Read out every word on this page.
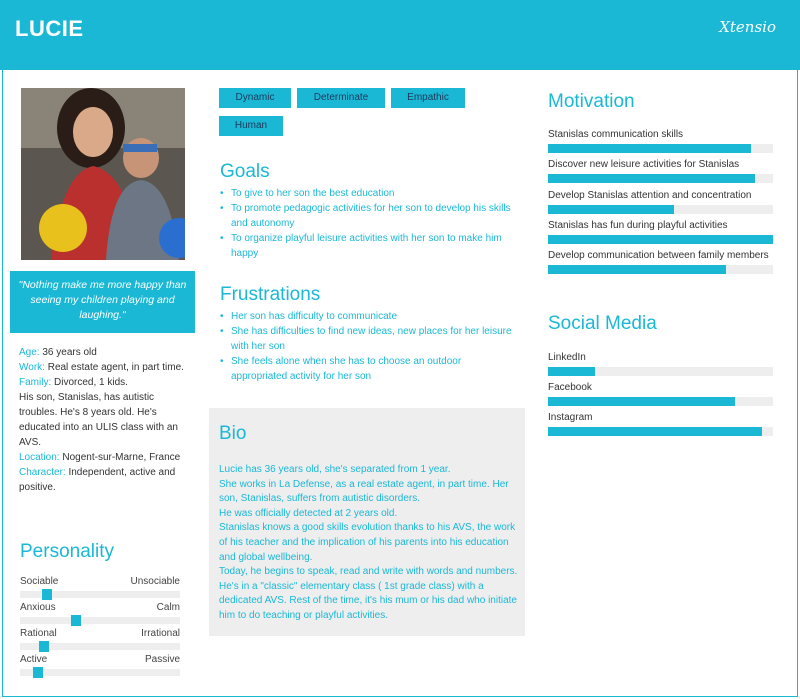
LUCIE	Xtensio
"Nothing make me more happy than seeing my children playing and laughing."
Age: 36 years old
Work: Real estate agent, in part time.
Family: Divorced, 1 kids.
His son, Stanislas, has autistic troubles. He's 8 years old. He's educated into an ULIS class with an AVS.
Location: Nogent-sur-Marne, France
Character: Independent, active and positive.
Personality
Sociable	Unsociable
Anxious	Calm
Rational	Irrational
Active	Passive
Dynamic	Determinate	Empathic
Human
Goals
• To give to her son the best education
• To promote pedagogic activities for her son to develop his skills and autonomy
• To organize playful leisure activities with her son to make him happy
Frustrations
• Her son has difficulty to communicate
• She has difficulties to find new ideas, new places for her leisure with her son
• She feels alone when she has to choose an outdoor appropriated activity for her son
Bio
Lucie has 36 years old, she's separated from 1 year.
She works in La Defense, as a real estate agent, in part time. Her son, Stanislas, suffers from autistic disorders.
He was officially detected at 2 years old.
Stanislas knows a good skills evolution thanks to his AVS, the work of his teacher and the implication of his parents into his education and global wellbeing.
Today, he begins to speak, read and write with words and numbers. He's in a "classic" elementary class ( 1st grade class) with a dedicated AVS. Rest of the time, it's his mum or his dad who initiate him to do teaching or playful activities.
Motivation
Stanislas communication skills
Discover new leisure activities for Stanislas
Develop Stanislas attention and concentration
Stanislas has fun during playful activities
Develop communication between family members
Social Media
LinkedIn
Facebook
Instagram
